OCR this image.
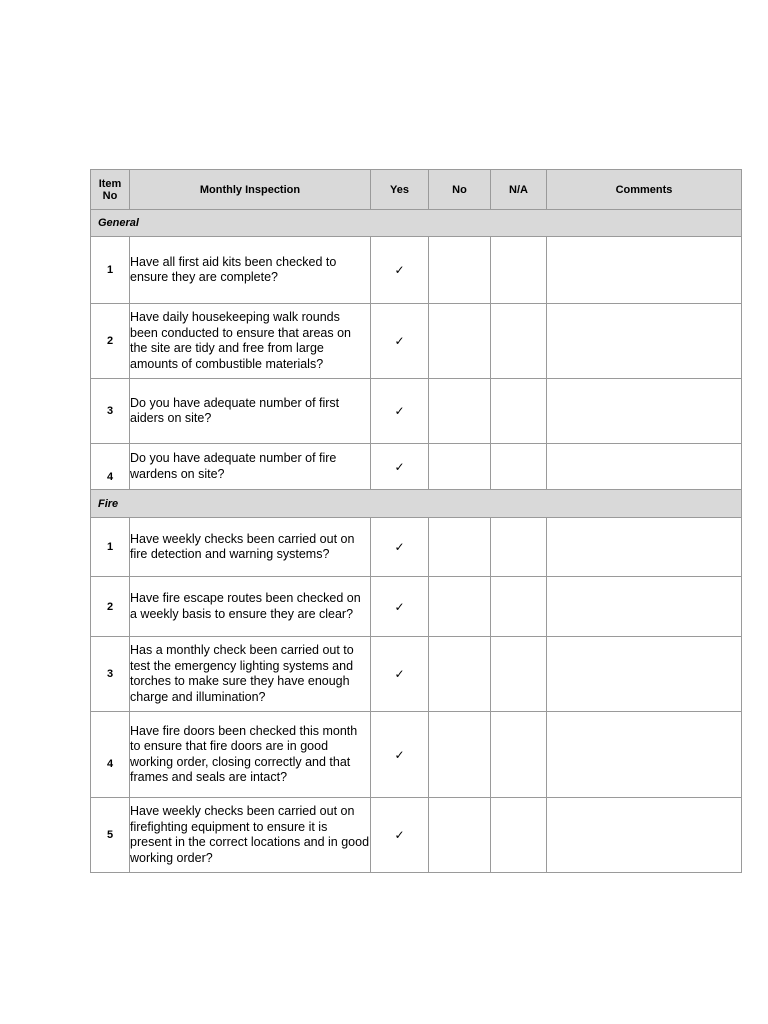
Item No	Monthly Inspection	Yes	No	N/A	Comments
General					
1	Have all first aid kits been checked to ensure they are complete?	✓			
2	Have daily housekeeping walk rounds been conducted to ensure that areas on the site are tidy and free from large amounts of combustible materials?	✓			
3	Do you have adequate number of first aiders on site?	✓			
4	Do you have adequate number of fire wardens on site?	✓			
Fire					
1	Have weekly checks been carried out on fire detection and warning systems?	✓			
2	Have fire escape routes been checked on a weekly basis to ensure they are clear?	✓			
3	Has a monthly check been carried out to test the emergency lighting systems and torches to make sure they have enough charge and illumination?	✓			
4	Have fire doors been checked this month to ensure that fire doors are in good working order, closing correctly and that frames and seals are intact?	✓			
5	Have weekly checks been carried out on firefighting equipment to ensure it is present in the correct locations and in good working order?	✓			
